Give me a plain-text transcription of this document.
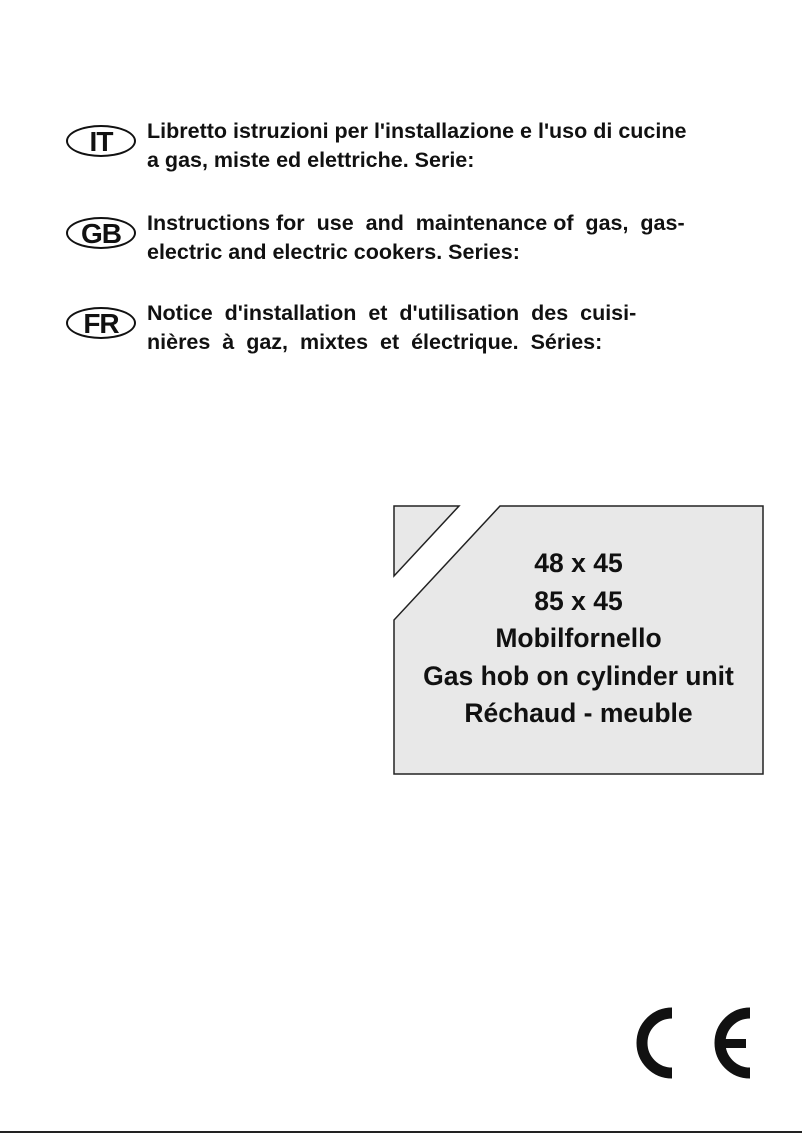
IT	Libretto istruzioni per l'installazione e l'uso di cucine
a gas, miste ed elettriche. Serie:
GB	Instructions for  use  and  maintenance of  gas,  gas-
electric and electric cookers. Series:
FR	Notice  d'installation  et  d'utilisation  des  cuisi-
nières  à  gaz,  mixtes  et  électrique.  Séries:
48 x 45
85 x 45
Mobilfornello
Gas hob on cylinder unit
Réchaud - meuble
